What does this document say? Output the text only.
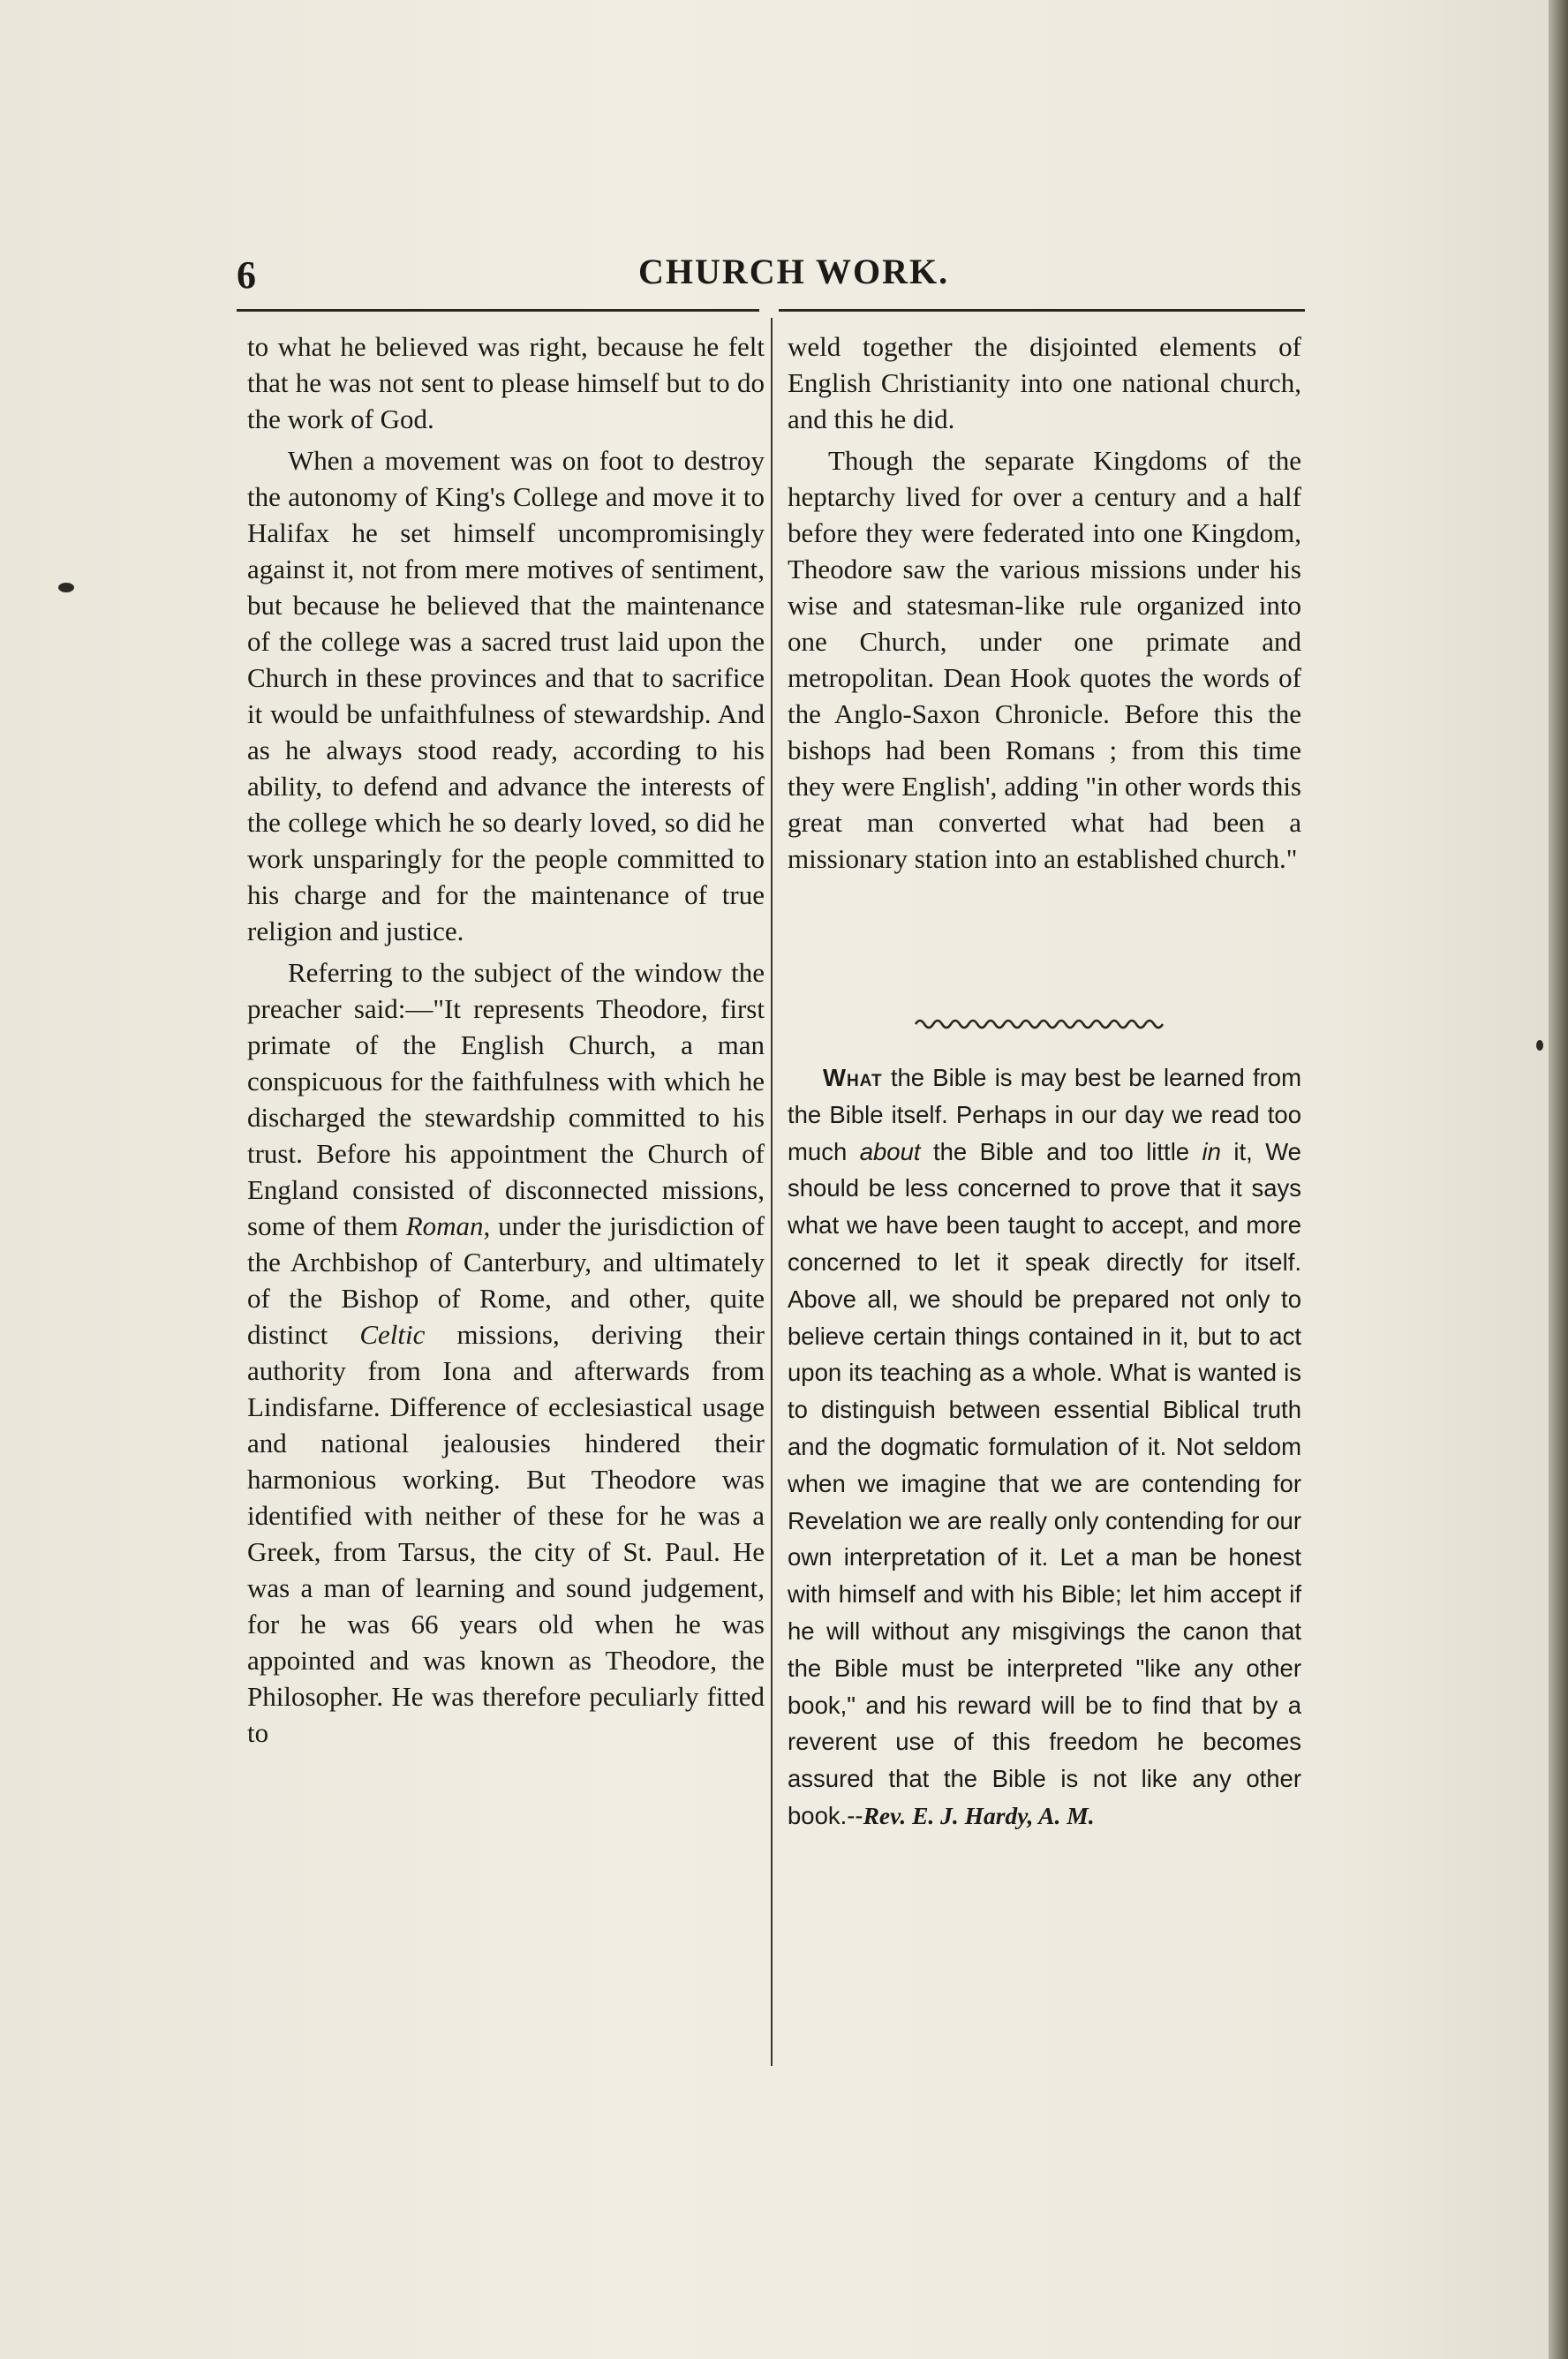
6	CHURCH WORK.

to what he believed was right, because he felt that he was not sent to please himself but to do the work of God.

When a movement was on foot to destroy the autonomy of King's College and move it to Halifax he set himself uncompromisingly against it, not from mere motives of sentiment, but because he believed that the maintenance of the college was a sacred trust laid upon the Church in these provinces and that to sacrifice it would be unfaithfulness of stewardship. And as he always stood ready, according to his ability, to defend and advance the interests of the college which he so dearly loved, so did he work unsparingly for the people committed to his charge and for the maintenance of true religion and justice.

Referring to the subject of the window the preacher said:—"It represents Theodore, first primate of the English Church, a man conspicuous for the faithfulness with which he discharged the stewardship committed to his trust. Before his appointment the Church of England consisted of disconnected missions, some of them Roman, under the jurisdiction of the Archbishop of Canterbury, and ultimately of the Bishop of Rome, and other, quite distinct Celtic missions, deriving their authority from Iona and afterwards from Lindisfarne. Difference of ecclesiastical usage and national jealousies hindered their harmonious working. But Theodore was identified with neither of these for he was a Greek, from Tarsus, the city of St. Paul. He was a man of learning and sound judgement, for he was 66 years old when he was appointed and was known as Theodore, the Philosopher. He was therefore peculiarly fitted to

weld together the disjointed elements of English Christianity into one national church, and this he did.

Though the separate Kingdoms of the heptarchy lived for over a century and a half before they were federated into one Kingdom, Theodore saw the various missions under his wise and statesman-like rule organized into one Church, under one primate and metropolitan. Dean Hook quotes the words of the Anglo-Saxon Chronicle. Before this the bishops had been Romans ; from this time they were English', adding "in other words this great man converted what had been a missionary station into an established church."

What the Bible is may best be learned from the Bible itself. Perhaps in our day we read too much about the Bible and too little in it, We should be less concerned to prove that it says what we have been taught to accept, and more concerned to let it speak directly for itself. Above all, we should be prepared not only to believe certain things contained in it, but to act upon its teaching as a whole. What is wanted is to distinguish between essential Biblical truth and the dogmatic formulation of it. Not seldom when we imagine that we are contending for Revelation we are really only contending for our own interpretation of it. Let a man be honest with himself and with his Bible; let him accept if he will without any misgivings the canon that the Bible must be interpreted "like any other book," and his reward will be to find that by a reverent use of this freedom he becomes assured that the Bible is not like any other book.--Rev. E. J. Hardy, A. M.
